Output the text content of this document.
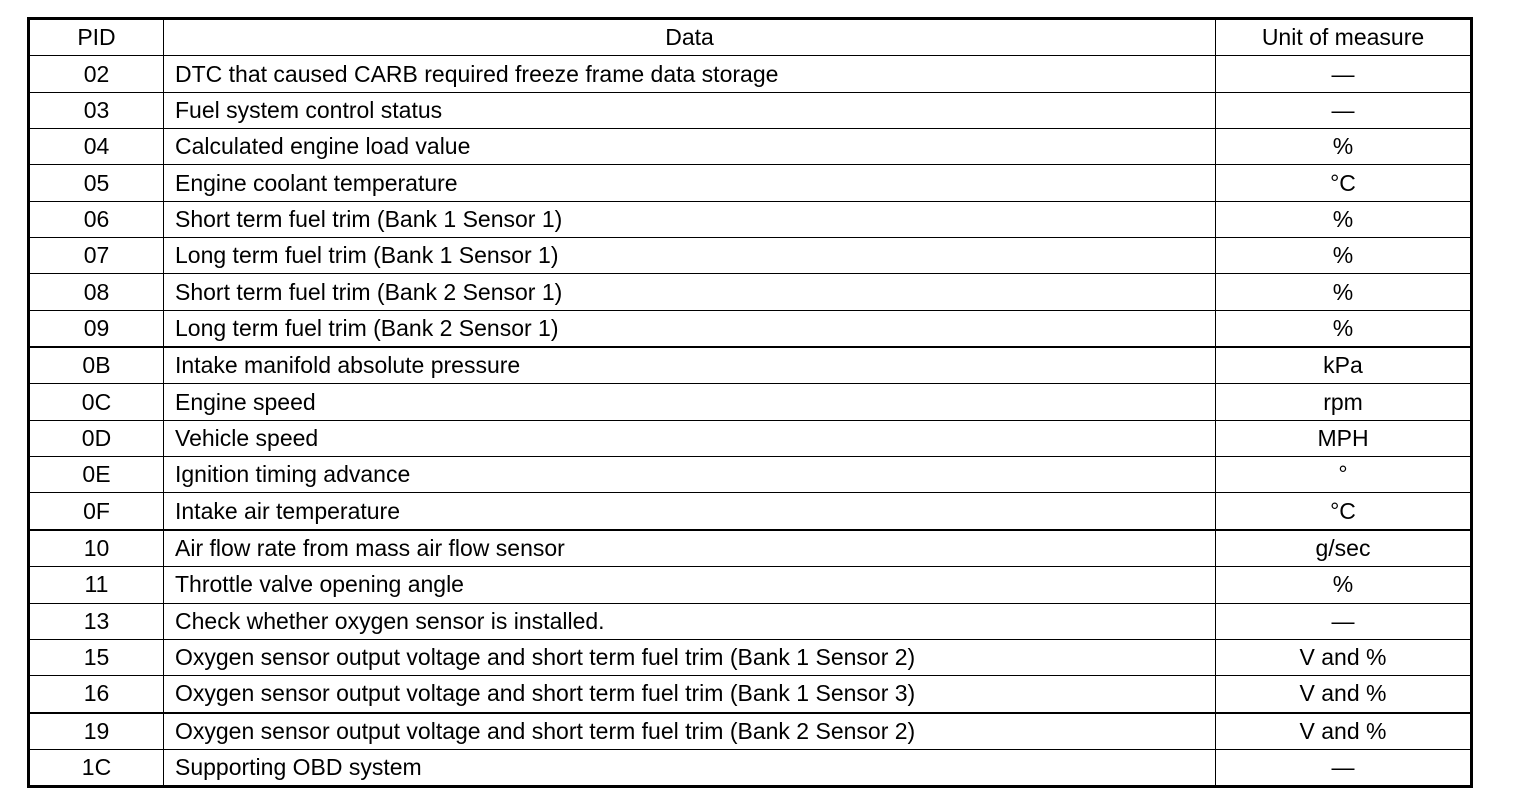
PID	Data	Unit of measure
02	DTC that caused CARB required freeze frame data storage	—
03	Fuel system control status	—
04	Calculated engine load value	%
05	Engine coolant temperature	°C
06	Short term fuel trim (Bank 1 Sensor 1)	%
07	Long term fuel trim (Bank 1 Sensor 1)	%
08	Short term fuel trim (Bank 2 Sensor 1)	%
09	Long term fuel trim (Bank 2 Sensor 1)	%
0B	Intake manifold absolute pressure	kPa
0C	Engine speed	rpm
0D	Vehicle speed	MPH
0E	Ignition timing advance	°
0F	Intake air temperature	°C
10	Air flow rate from mass air flow sensor	g/sec
11	Throttle valve opening angle	%
13	Check whether oxygen sensor is installed.	—
15	Oxygen sensor output voltage and short term fuel trim (Bank 1 Sensor 2)	V and %
16	Oxygen sensor output voltage and short term fuel trim (Bank 1 Sensor 3)	V and %
19	Oxygen sensor output voltage and short term fuel trim (Bank 2 Sensor 2)	V and %
1C	Supporting OBD system	—
